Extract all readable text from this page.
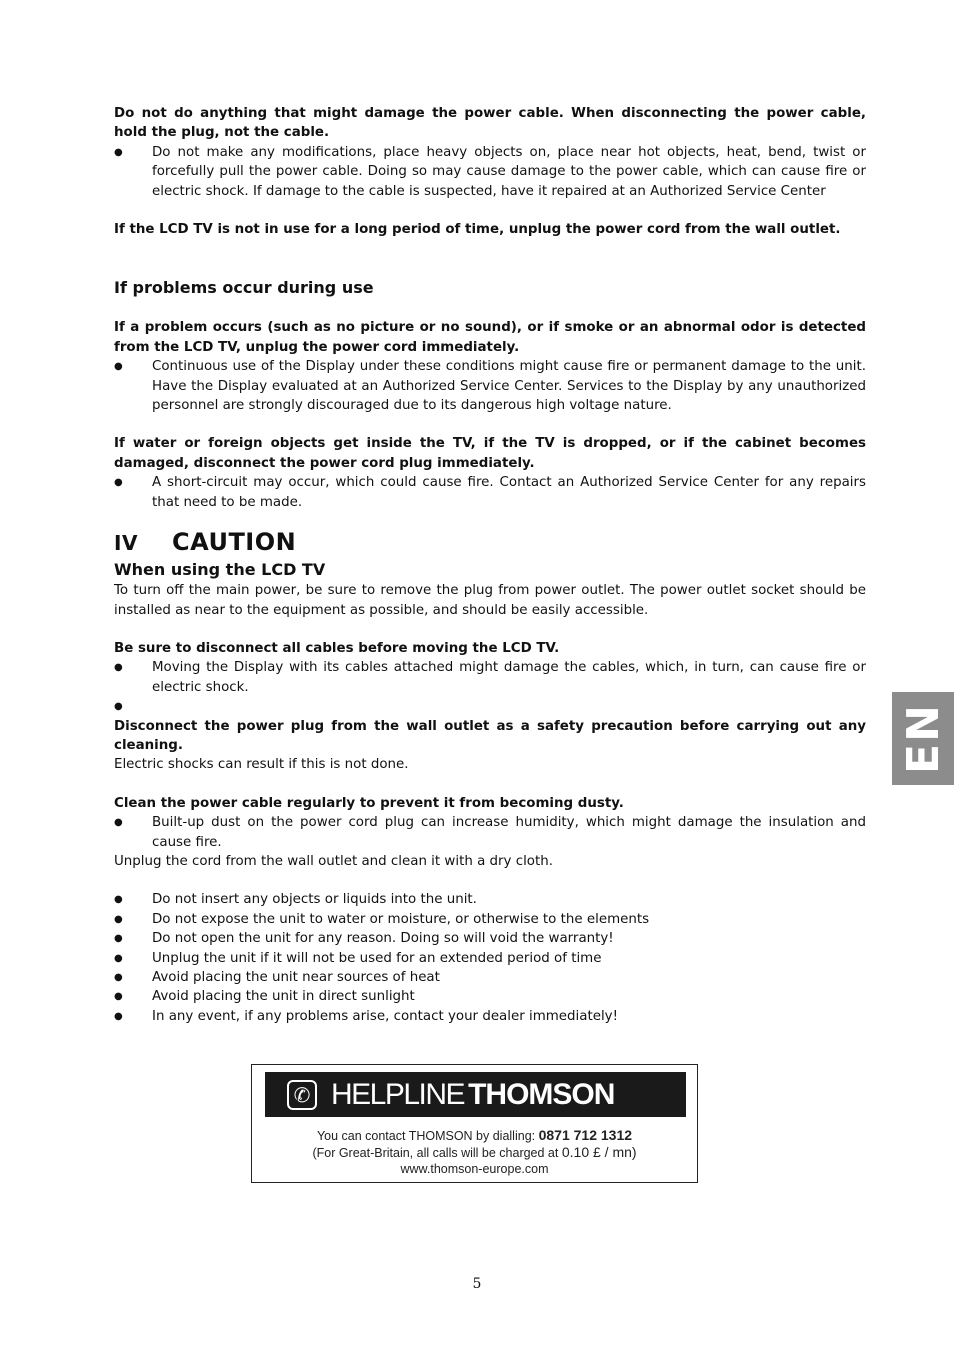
Do not do anything that might damage the power cable. When disconnecting the power cable, hold the plug, not the cable.

● Do not make any modifications, place heavy objects on, place near hot objects, heat, bend, twist or forcefully pull the power cable. Doing so may cause damage to the power cable, which can cause fire or electric shock. If damage to the cable is suspected, have it repaired at an Authorized Service Center

If the LCD TV is not in use for a long period of time, unplug the power cord from the wall outlet.

If problems occur during use

If a problem occurs (such as no picture or no sound), or if smoke or an abnormal odor is detected from the LCD TV, unplug the power cord immediately.

● Continuous use of the Display under these conditions might cause fire or permanent damage to the unit. Have the Display evaluated at an Authorized Service Center. Services to the Display by any unauthorized personnel are strongly discouraged due to its dangerous high voltage nature.

If water or foreign objects get inside the TV, if the TV is dropped, or if the cabinet becomes damaged, disconnect the power cord plug immediately.

● A short-circuit may occur, which could cause fire. Contact an Authorized Service Center for any repairs that need to be made.
IV CAUTION
When using the LCD TV

To turn off the main power, be sure to remove the plug from power outlet. The power outlet socket should be installed as near to the equipment as possible, and should be easily accessible.

Be sure to disconnect all cables before moving the LCD TV.

● Moving the Display with its cables attached might damage the cables, which, in turn, can cause fire or electric shock.
●

Disconnect the power plug from the wall outlet as a safety precaution before carrying out any cleaning.

Electric shocks can result if this is not done.

Clean the power cable regularly to prevent it from becoming dusty.

● Built-up dust on the power cord plug can increase humidity, which might damage the insulation and cause fire.

Unplug the cord from the wall outlet and clean it with a dry cloth.

● Do not insert any objects or liquids into the unit.
● Do not expose the unit to water or moisture, or otherwise to the elements
● Do not open the unit for any reason. Doing so will void the warranty!
● Unplug the unit if it will not be used for an extended period of time
● Avoid placing the unit near sources of heat
● Avoid placing the unit in direct sunlight
● In any event, if any problems arise, contact your dealer immediately!
EN
✆ HELPLINE THOMSON
You can contact THOMSON by dialling: 0871 712 1312
(For Great-Britain, all calls will be charged at 0.10 £ / mn)
www.thomson-europe.com
5
